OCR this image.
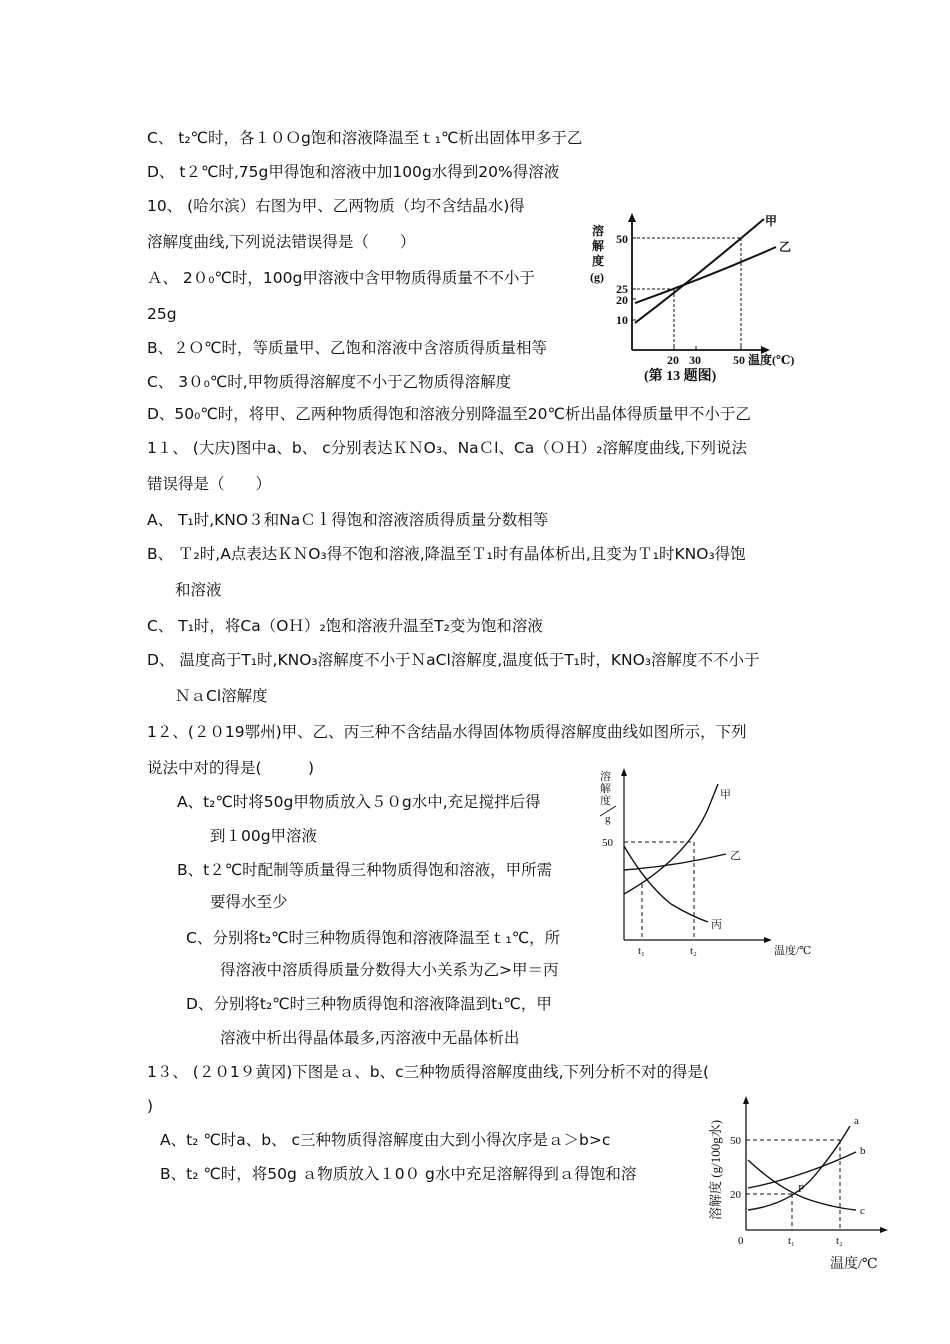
C、 t₂℃时，各１０Ｏg饱和溶液降温至ｔ₁℃析出固体甲多于乙
D、 t２℃时,75g甲得饱和溶液中加100g水得到20%得溶液
10、 (哈尔滨）右图为甲、乙两物质（均不含结晶水)得
溶解度曲线,下列说法错误得是（　　）
Ａ、 2０₀℃时，100g甲溶液中含甲物质得质量不不小于
25g
B、２Ｏ℃时，等质量甲、乙饱和溶液中含溶质得质量相等
C、 3０₀℃时,甲物质得溶解度不小于乙物质得溶解度
D、50₀℃时，将甲、乙两种物质得饱和溶液分别降温至20℃析出晶体得质量甲不小于乙
1１、 (大庆)图中a、b、 c分别表达ＫＮO₃、NaＣl、Ca（ＯＨ）₂溶解度曲线,下列说法
错误得是（　　）
A、 T₁时,KNO３和NaＣｌ得饱和溶液溶质得质量分数相等
B、 Ｔ₂时,A点表达ＫＮO₃得不饱和溶液,降温至Ｔ₁时有晶体析出,且变为Ｔ₁时KNO₃得饱
和溶液
C、 T₁时，将Ca（OＨ）₂饱和溶液升温至T₂变为饱和溶液
D、 温度高于T₁时,KNO₃溶解度不小于ＮaCl溶解度,温度低于T₁时，KNO₃溶解度不不小于
ＮａCl溶解度
1２、(２０19鄂州)甲、乙、丙三种不含结晶水得固体物质得溶解度曲线如图所示，下列
说法中对的得是(　　　)
A、t₂℃时将50g甲物质放入５０g水中,充足搅拌后得
到１00g甲溶液
B、t２℃时配制等质量得三种物质得饱和溶液，甲所需
要得水至少
C、分别将t₂℃时三种物质得饱和溶液降温至ｔ₁℃，所
得溶液中溶质得质量分数得大小关系为乙>甲＝丙
D、分别将t₂℃时三种物质得饱和溶液降温到t₁℃，甲
溶液中析出得晶体最多,丙溶液中无晶体析出
1３、 (２０1９黄冈)下图是ａ、b、c三种物质得溶解度曲线,下列分析不对的得是(
)
A、t₂ ℃时a、b、 c三种物质得溶解度由大到小得次序是ａ＞b>c
B、t₂ ℃时，将50g ａ物质放入１0０ g水中充足溶解得到ａ得饱和溶
溶
解
度
(g)
50
25
20
10
20 30	50 温度(℃)
甲
乙
(第 13 题图)
溶
解
度
g
50
甲
乙
丙
t₁	t₂	温度/℃
溶解度 (g/100g水) 50
20
0	t₁	t₂
P
a
b
c
温度/℃
